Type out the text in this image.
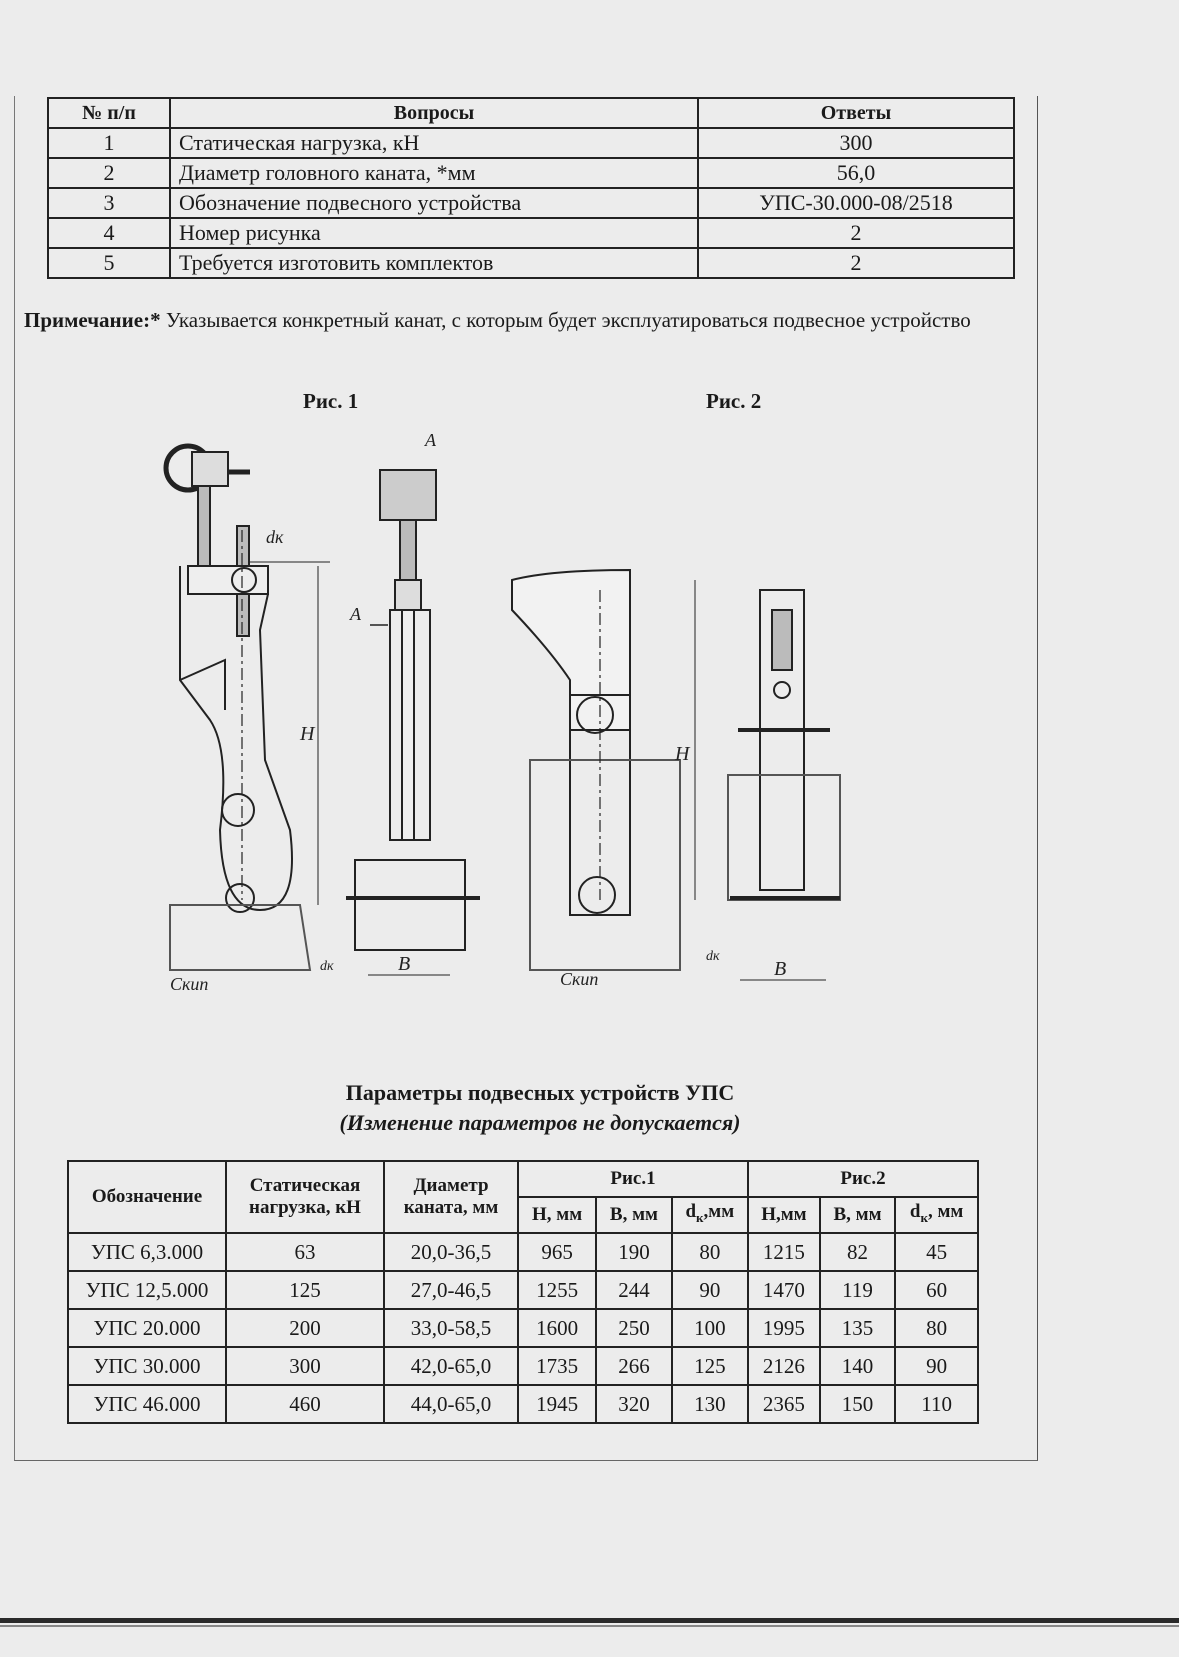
№ п/п	Вопросы	Ответы
1	Статическая нагрузка, кН	300
2	Диаметр головного каната, *мм	56,0
3	Обозначение подвесного устройства	УПС-30.000-08/2518
4	Номер рисунка	2
5	Требуется изготовить комплектов	2
Примечание:* Указывается конкретный канат, с которым будет эксплуатироваться подвесное устройство
Рис. 1	Рис. 2
dк
Н
Скип
А
А
В
dк
Н
Скип	В
dк
Параметры подвесных устройств УПС
(Изменение параметров не допускается)
Обозначение	Статическая нагрузка, кН	Диаметр каната, мм	Рис.1			Рис.2		
			Н, мм	В, мм	$d_к,мм$	Н,мм	В, мм	$d_к$, мм
УПС 6,3.000	63	20,0-36,5	965	190	80	1215	82	45
УПС 12,5.000	125	27,0-46,5	1255	244	90	1470	119	60
УПС 20.000	200	33,0-58,5	1600	250	100	1995	135	80
УПС 30.000	300	42,0-65,0	1735	266	125	2126	140	90
УПС 46.000	460	44,0-65,0	1945	320	130	2365	150	110
